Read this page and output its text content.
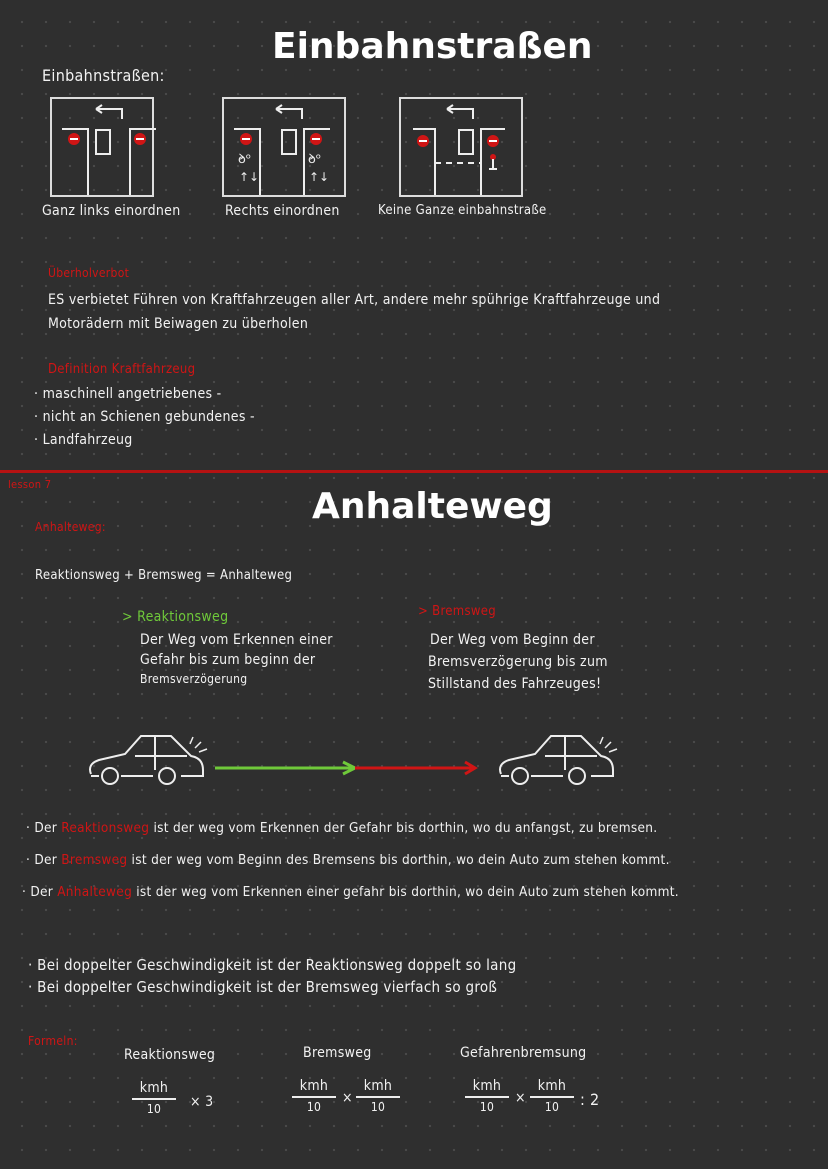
Einbahnstraßen
Einbahnstraßen:
Ganz links einordnen
ꝺ̷ᵒ
↑↓
ꝺ̷ᵒ
↑↓
Rechts einordnen	Keine Ganze einbahnstraße
Überholverbot
ES verbietet Führen von Kraftfahrzeugen aller Art, andere mehr spührige Kraftfahrzeuge und
Motorädern mit Beiwagen zu überholen
Definition Kraftfahrzeug
· maschinell angetriebenes -
· nicht an Schienen gebundenes -
· Landfahrzeug
lesson 7
Anhalteweg
Anhalteweg:
Reaktionsweg + Bremsweg = Anhalteweg
> Reaktionsweg
Der Weg vom Erkennen einer
Gefahr bis zum beginn der
Bremsverzögerung
> Bremsweg
Der Weg vom Beginn der
Bremsverzögerung bis zum
Stillstand des Fahrzeuges!
· Der Reaktionsweg ist der weg vom Erkennen der Gefahr bis dorthin, wo du anfangst, zu bremsen.
· Der Bremsweg ist der weg vom Beginn des Bremsens bis dorthin, wo dein Auto zum stehen kommt.
· Der Anhalteweg ist der weg vom Erkennen einer gefahr bis dorthin, wo dein Auto zum stehen kommt.
· Bei doppelter Geschwindigkeit ist der Reaktionsweg doppelt so lang
· Bei doppelter Geschwindigkeit ist der Bremsweg vierfach so groß
Formeln:
Reaktionsweg
kmh
10	× 3
Bremsweg
kmh
10
×
kmh
10
Gefahrenbremsung
kmh
10
×
kmh
10	: 2
